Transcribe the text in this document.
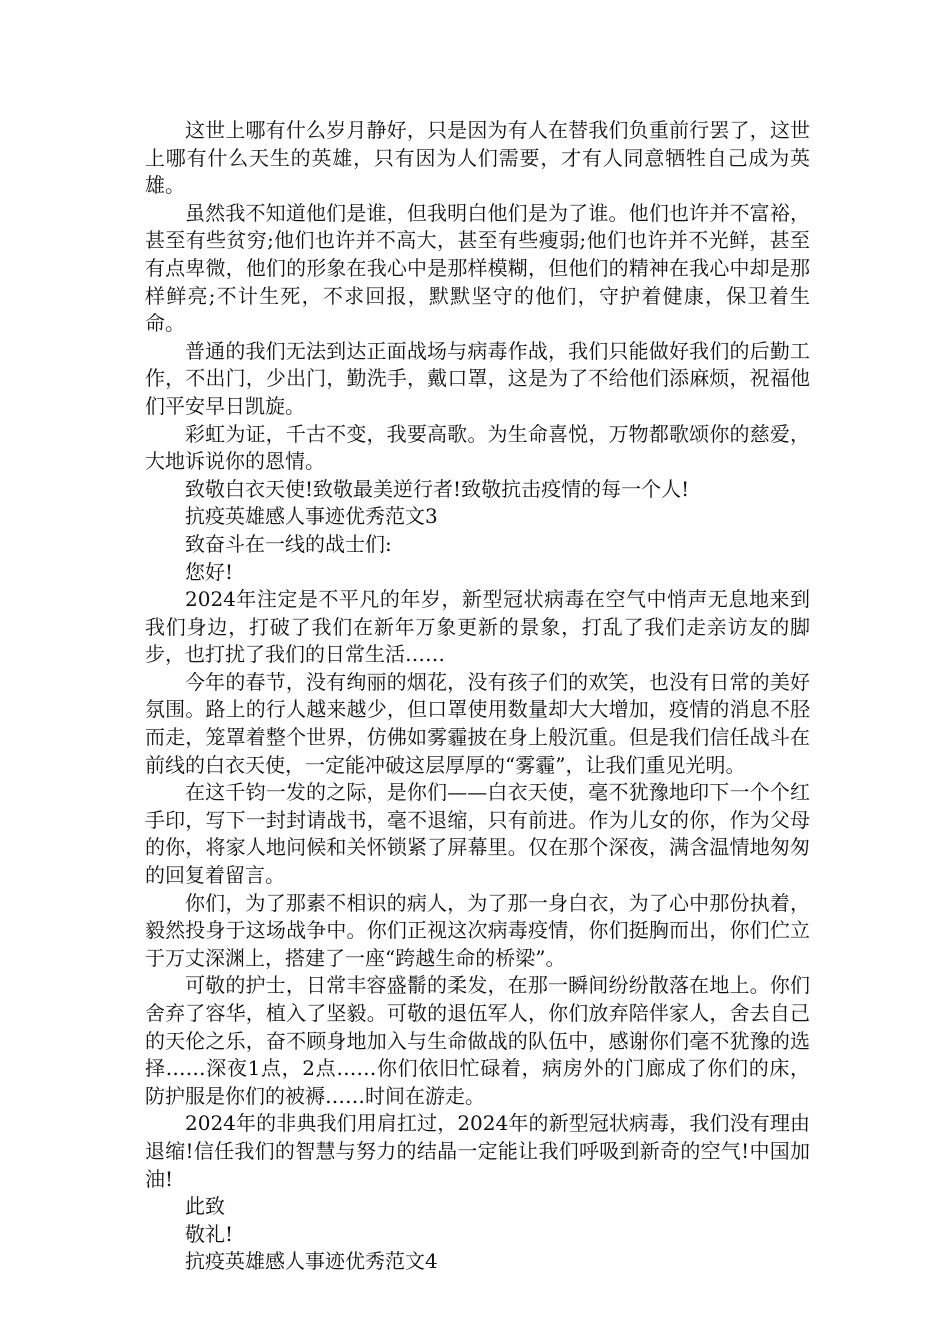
这世上哪有什么岁月静好，只是因为有人在替我们负重前行罢了，这世上哪有什么天生的英雄，只有因为人们需要，才有人同意牺牲自己成为英雄。

虽然我不知道他们是谁，但我明白他们是为了谁。他们也许并不富裕，甚至有些贫穷;他们也许并不高大，甚至有些瘦弱;他们也许并不光鲜，甚至有点卑微，他们的形象在我心中是那样模糊，但他们的精神在我心中却是那样鲜亮;不计生死，不求回报，默默坚守的他们，守护着健康，保卫着生命。

普通的我们无法到达正面战场与病毒作战，我们只能做好我们的后勤工作，不出门，少出门，勤洗手，戴口罩，这是为了不给他们添麻烦，祝福他们平安早日凯旋。

彩虹为证，千古不变，我要高歌。为生命喜悦，万物都歌颂你的慈爱，大地诉说你的恩情。

致敬白衣天使!致敬最美逆行者!致敬抗击疫情的每一个人!

抗疫英雄感人事迹优秀范文3

致奋斗在一线的战士们:

您好!

2024年注定是不平凡的年岁，新型冠状病毒在空气中悄声无息地来到我们身边，打破了我们在新年万象更新的景象，打乱了我们走亲访友的脚步，也打扰了我们的日常生活……

今年的春节，没有绚丽的烟花，没有孩子们的欢笑，也没有日常的美好氛围。路上的行人越来越少，但口罩使用数量却大大增加，疫情的消息不胫而走，笼罩着整个世界，仿佛如雾霾披在身上般沉重。但是我们信任战斗在前线的白衣天使，一定能冲破这层厚厚的“雾霾”，让我们重见光明。

在这千钧一发的之际，是你们——白衣天使，毫不犹豫地印下一个个红手印，写下一封封请战书，毫不退缩，只有前进。作为儿女的你，作为父母的你，将家人地问候和关怀锁紧了屏幕里。仅在那个深夜，满含温情地匆匆的回复着留言。

你们，为了那素不相识的病人，为了那一身白衣，为了心中那份执着，毅然投身于这场战争中。你们正视这次病毒疫情，你们挺胸而出，你们伫立于万丈深渊上，搭建了一座“跨越生命的桥梁”。

可敬的护士，日常丰容盛鬋的柔发，在那一瞬间纷纷散落在地上。你们舍弃了容华，植入了坚毅。可敬的退伍军人，你们放弃陪伴家人，舍去自己的天伦之乐，奋不顾身地加入与生命做战的队伍中，感谢你们毫不犹豫的选择……深夜1点，2点……你们依旧忙碌着，病房外的门廊成了你们的床，防护服是你们的被褥……时间在游走。

2024年的非典我们用肩扛过，2024年的新型冠状病毒，我们没有理由退缩!信任我们的智慧与努力的结晶一定能让我们呼吸到新奇的空气!中国加油!

此致

敬礼!

抗疫英雄感人事迹优秀范文4
